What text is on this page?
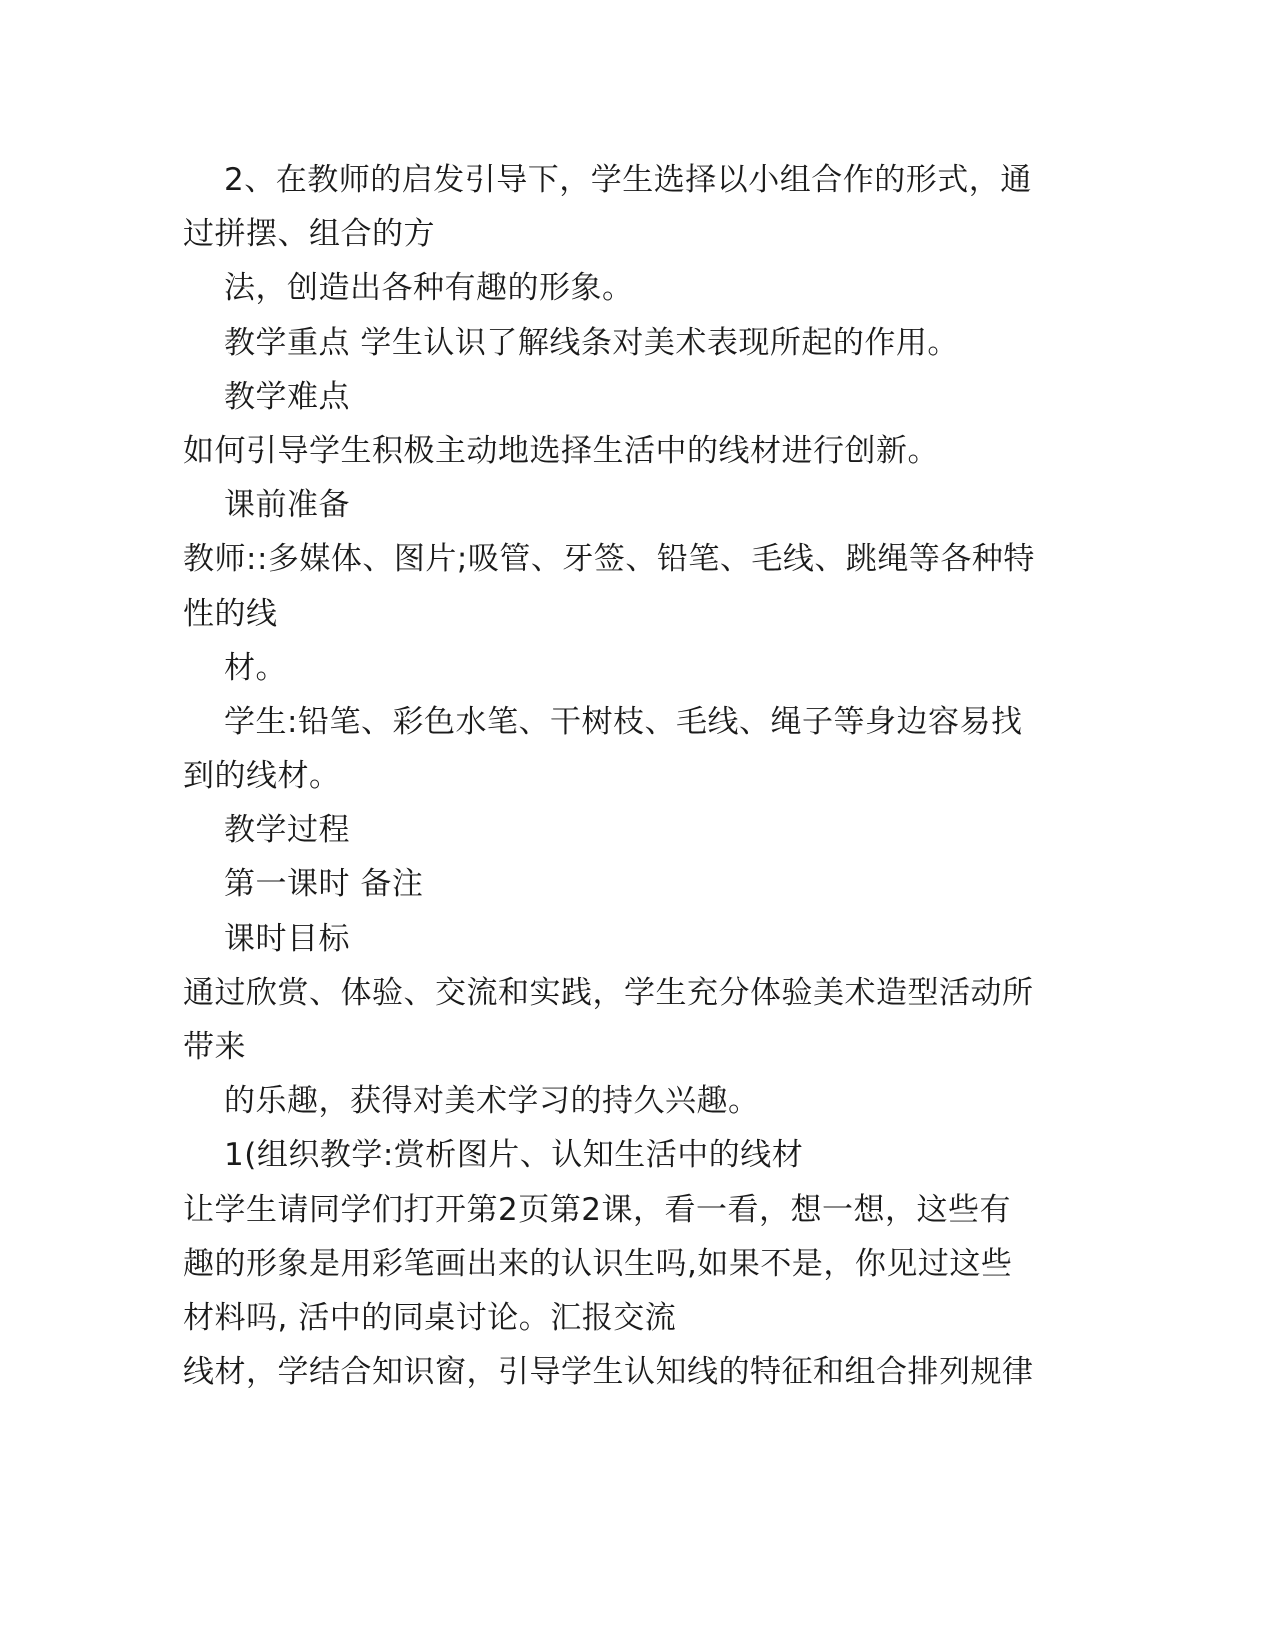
2、在教师的启发引导下，学生选择以小组合作的形式，通
过拼摆、组合的方
法，创造出各种有趣的形象。
教学重点 学生认识了解线条对美术表现所起的作用。
教学难点
如何引导学生积极主动地选择生活中的线材进行创新。
课前准备
教师::多媒体、图片;吸管、牙签、铅笔、毛线、跳绳等各种特
性的线
材。
学生:铅笔、彩色水笔、干树枝、毛线、绳子等身边容易找
到的线材。
教学过程
第一课时 备注
课时目标
通过欣赏、体验、交流和实践，学生充分体验美术造型活动所
带来
的乐趣，获得对美术学习的持久兴趣。
1(组织教学:赏析图片、认知生活中的线材
让学生请同学们打开第2页第2课，看一看，想一想，这些有
趣的形象是用彩笔画出来的认识生吗,如果不是，你见过这些
材料吗, 活中的同桌讨论。汇报交流
线材，学结合知识窗，引导学生认知线的特征和组合排列规律
